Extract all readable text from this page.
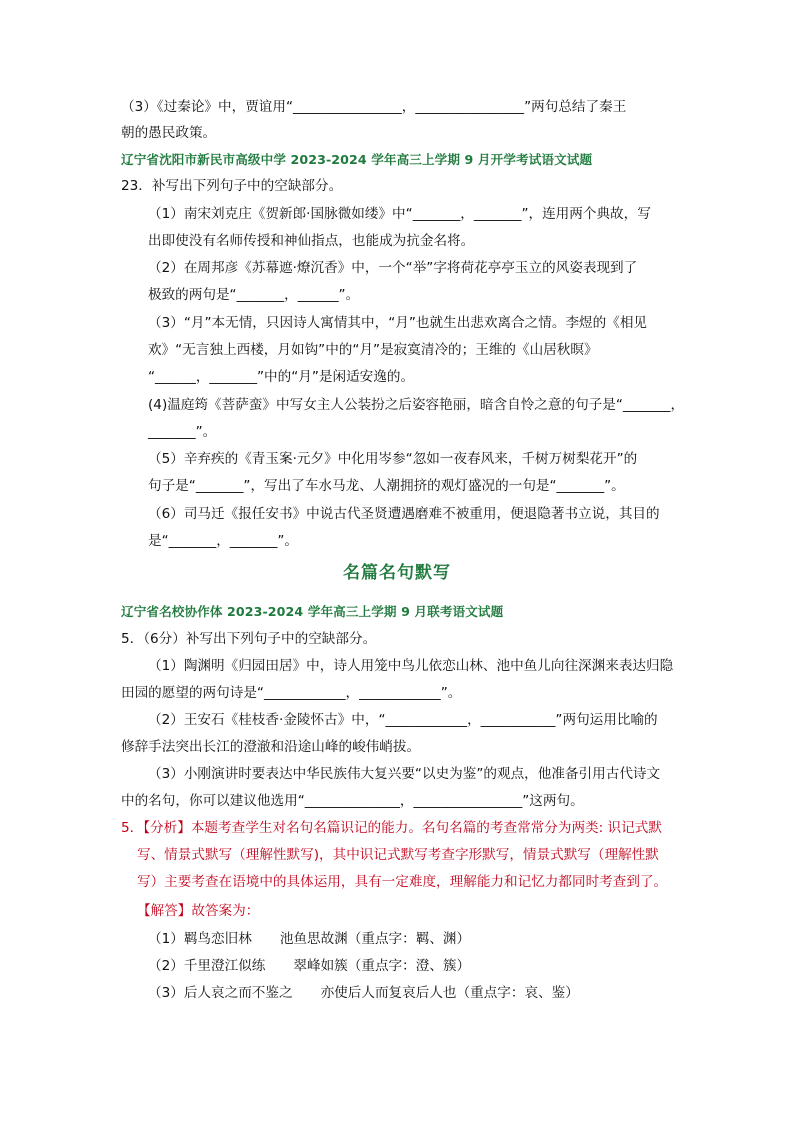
（3）《过秦论》中，贾谊用“________________，________________”两句总结了秦王
朝的愚民政策。
辽宁省沈阳市新民市高级中学 2023-2024 学年高三上学期 9 月开学考试语文试题
23．补写出下列句子中的空缺部分。
（1）南宋刘克庄《贺新郎·国脉微如缕》中“_______，_______”，连用两个典故，写
出即使没有名师传授和神仙指点，也能成为抗金名将。
（2）在周邦彦《苏幕遮·燎沉香》中，一个“举”字将荷花亭亭玉立的风姿表现到了
极致的两句是“_______，______”。
（3）“月”本无情，只因诗人寓情其中，“月”也就生出悲欢离合之情。李煜的《相见
欢》“无言独上西楼，月如钩”中的“月”是寂寞清冷的；王维的《山居秋暝》
“______，_______”中的“月”是闲适安逸的。
(4)温庭筠《菩萨蛮》中写女主人公装扮之后姿容艳丽，暗含自怜之意的句子是“_______，
_______”。
（5）辛弃疾的《青玉案·元夕》中化用岑参“忽如一夜春风来，千树万树梨花开”的
句子是“_______”，写出了车水马龙、人潮拥挤的观灯盛况的一句是“_______”。
（6）司马迁《报任安书》中说古代圣贤遭遇磨难不被重用，便退隐著书立说，其目的
是“_______，_______”。
名篇名句默写
辽宁省名校协作体 2023-2024 学年高三上学期 9 月联考语文试题
5．（6分）补写出下列句子中的空缺部分。
（1）陶渊明《归园田居》中，诗人用笼中鸟儿依恋山林、池中鱼儿向往深渊来表达归隐
田园的愿望的两句诗是“____________，____________”。
（2）王安石《桂枝香·金陵怀古》中，“____________，___________”两句运用比喻的
修辞手法突出长江的澄澈和沿途山峰的峻伟峭拔。
（3）小刚演讲时要表达中华民族伟大复兴要“以史为鉴”的观点，他准备引用古代诗文
中的名句，你可以建议他选用“______________，________________”这两句。
5．【分析】本题考查学生对名句名篇识记的能力。名句名篇的考查常常分为两类: 识记式默
写、情景式默写（理解性默写)，其中识记式默写考查字形默写，情景式默写（理解性默
写）主要考查在语境中的具体运用，具有一定难度，理解能力和记忆力都同时考查到了。
【解答】故答案为：
（1）羁鸟恋旧林 池鱼思故渊（重点字：羁、渊）
（2）千里澄江似练 翠峰如簇（重点字：澄、簇）
（3）后人哀之而不鉴之 亦使后人而复哀后人也（重点字：哀、鉴）
